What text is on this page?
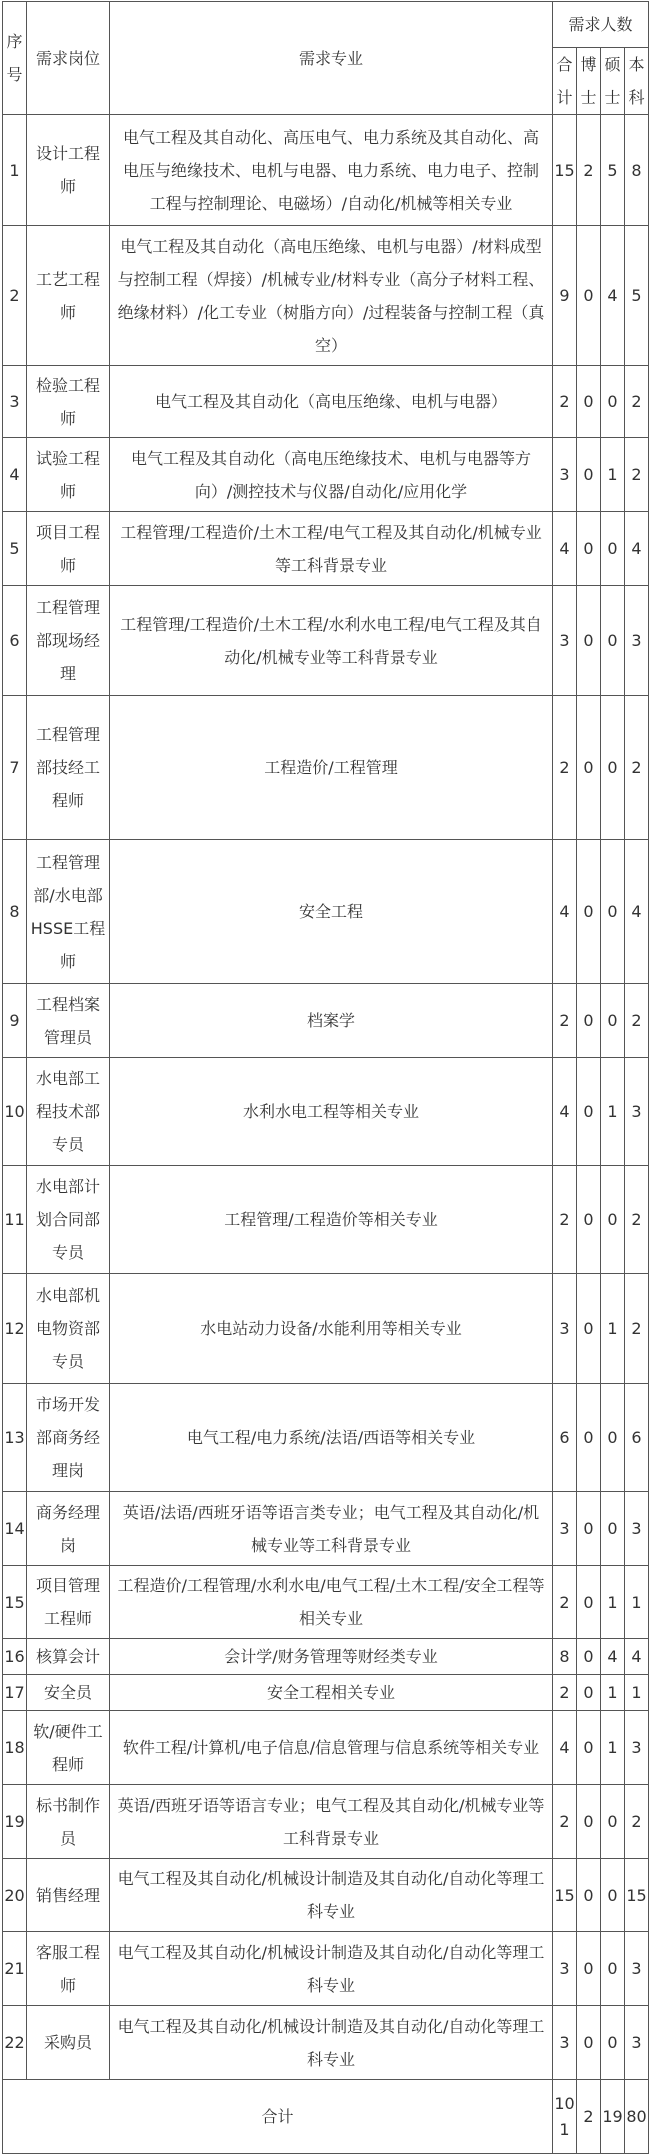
序号	需求岗位	需求专业	需求人数			
			合计	博士	硕士	本科
1	设计工程师	电气工程及其自动化、高压电气、电力系统及其自动化、高电压与绝缘技术、电机与电器、电力系统、电力电子、控制工程与控制理论、电磁场）/自动化/机械等相关专业	15	2	5	8
2	工艺工程师	电气工程及其自动化（高电压绝缘、电机与电器）/材料成型与控制工程（焊接）/机械专业/材料专业（高分子材料工程、绝缘材料）/化工专业（树脂方向）/过程装备与控制工程（真空）	9	0	4	5
3	检验工程师	电气工程及其自动化（高电压绝缘、电机与电器）	2	0	0	2
4	试验工程师	电气工程及其自动化（高电压绝缘技术、电机与电器等方向）/测控技术与仪器/自动化/应用化学	3	0	1	2
5	项目工程师	工程管理/工程造价/土木工程/电气工程及其自动化/机械专业等工科背景专业	4	0	0	4
6	工程管理部现场经理	工程管理/工程造价/土木工程/水利水电工程/电气工程及其自动化/机械专业等工科背景专业	3	0	0	3
7	工程管理部技经工程师	工程造价/工程管理	2	0	0	2
8	工程管理部/水电部HSSE工程师	安全工程	4	0	0	4
9	工程档案管理员	档案学	2	0	0	2
10	水电部工程技术部专员	水利水电工程等相关专业	4	0	1	3
11	水电部计划合同部专员	工程管理/工程造价等相关专业	2	0	0	2
12	水电部机电物资部专员	水电站动力设备/水能利用等相关专业	3	0	1	2
13	市场开发部商务经理岗	电气工程/电力系统/法语/西语等相关专业	6	0	0	6
14	商务经理岗	英语/法语/西班牙语等语言类专业；电气工程及其自动化/机械专业等工科背景专业	3	0	0	3
15	项目管理工程师	工程造价/工程管理/水利水电/电气工程/土木工程/安全工程等相关专业	2	0	1	1
16	核算会计	会计学/财务管理等财经类专业	8	0	4	4
17	安全员	安全工程相关专业	2	0	1	1
18	软/硬件工程师	软件工程/计算机/电子信息/信息管理与信息系统等相关专业	4	0	1	3
19	标书制作员	英语/西班牙语等语言专业；电气工程及其自动化/机械专业等工科背景专业	2	0	0	2
20	销售经理	电气工程及其自动化/机械设计制造及其自动化/自动化等理工科专业	15	0	0	15
21	客服工程师	电气工程及其自动化/机械设计制造及其自动化/自动化等理工科专业	3	0	0	3
22	采购员	电气工程及其自动化/机械设计制造及其自动化/自动化等理工科专业	3	0	0	3
合计			101	2	19	80
